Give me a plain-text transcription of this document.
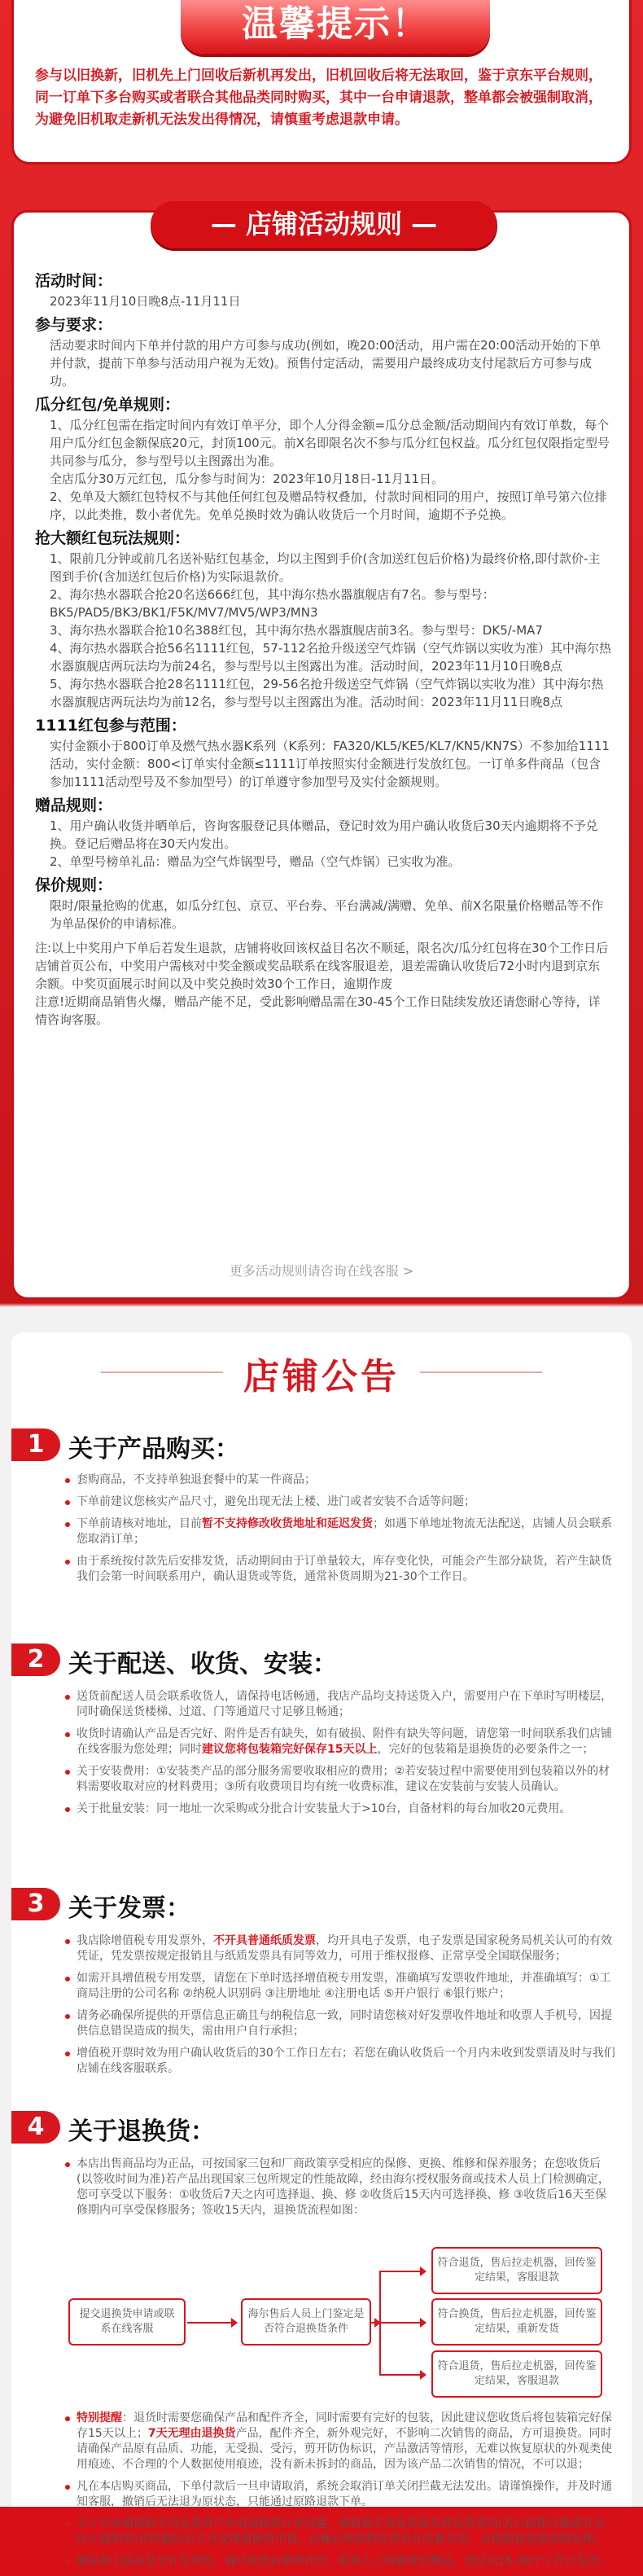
温馨提示！
参与以旧换新，旧机先上门回收后新机再发出，旧机回收后将无法取回，鉴于京东平台规则，同一订单下多台购买或者联合其他品类同时购买，其中一台申请退款，整单都会被强制取消，为避免旧机取走新机无法发出得情况，请慎重考虑退款申请。
— 店铺活动规则 —
活动时间：

2023年11月10日晚8点-11月11日

参与要求：

活动要求时间内下单并付款的用户方可参与成功(例如，晚20:00活动，用户需在20:00活动开始的下单并付款，提前下单参与活动用户视为无效)。预售付定活动，需要用户最终成功支付尾款后方可参与成功。

瓜分红包/免单规则：

1、瓜分红包需在指定时间内有效订单平分，即个人分得金额=瓜分总金额/活动期间内有效订单数，每个用户瓜分红包金额保底20元，封顶100元。前X名即限名次不参与瓜分红包权益。瓜分红包仅限指定型号共同参与瓜分，参与型号以主图露出为准。

全店瓜分30万元红包，瓜分参与时间为：2023年10月18日-11月11日。

2、免单及大额红包特权不与其他任何红包及赠品特权叠加，付款时间相同的用户，按照订单号第六位排序，以此类推，数小者优先。免单兑换时效为确认收货后一个月时间，逾期不予兑换。

抢大额红包玩法规则：

1、限前几分钟或前几名送补贴红包基金，均以主图到手价(含加送红包后价格)为最终价格,即付款价-主图到手价(含加送红包后价格)为实际退款价。

2、海尔热水器联合抢20名送666红包，其中海尔热水器旗舰店有7名。参与型号：BK5/PAD5/BK3/BK1/F5K/MV7/MV5/WP3/MN3

3、海尔热水器联合抢10名388红包，其中海尔热水器旗舰店前3名。参与型号：DK5/-MA7

4、海尔热水器联合抢56名1111红包，57-112名抢升级送空气炸锅（空气炸锅以实收为准）其中海尔热水器旗舰店两玩法均为前24名，参与型号以主图露出为准。活动时间，2023年11月10日晚8点

5、海尔热水器联合抢28名1111红包，29-56名抢升级送空气炸锅（空气炸锅以实收为准）其中海尔热水器旗舰店两玩法均为前12名，参与型号以主图露出为准。活动时间：2023年11月11日晚8点

1111红包参与范围：

实付金额小于800订单及燃气热水器K系列（K系列：FA320/KL5/KE5/KL7/KN5/KN7S）不参加给1111活动，实付金额：800<订单实付金额≤1111订单按照实付金额进行发放红包。一订单多件商品（包含参加1111活动型号及不参加型号）的订单遵守参加型号及实付金额规则。

赠品规则：

1、用户确认收货并晒单后，咨询客服登记具体赠品，登记时效为用户确认收货后30天内逾期将不予兑换。登记后赠品将在30天内发出。

2、单型号榜单礼品：赠品为空气炸锅型号，赠品（空气炸锅）已实收为准。

保价规则：

限时/限量抢购的优惠，如瓜分红包、京豆、平台券、平台满减/满赠、免单、前X名限量价格赠品等不作为单品保价的申请标准。

注:以上中奖用户下单后若发生退款，店铺将收回该权益目名次不顺延，限名次/瓜分红包将在30个工作日后店铺首页公布，中奖用户需核对中奖金额或奖品联系在线客服退差，退差需确认收货后72小时内退到京东余额。中奖页面展示时间以及中奖兑换时效30个工作日，逾期作废

注意!近期商品销售火爆，赠品产能不足，受此影响赠品需在30-45个工作日陆续发放还请您耐心等待，详情咨询客服。

更多活动规则请咨询在线客服 >
店铺公告
1 关于产品购买：
套购商品，不支持单独退套餐中的某一件商品；
下单前建议您核实产品尺寸，避免出现无法上楼、进门或者安装不合适等问题；
下单前请核对地址，目前暂不支持修改收货地址和延迟发货；如遇下单地址物流无法配送，店铺人员会联系您取消订单；
由于系统按付款先后安排发货，活动期间由于订单量较大，库存变化快，可能会产生部分缺货，若产生缺货我们会第一时间联系用户，确认退货或等货，通常补货周期为21-30个工作日。
2 关于配送、收货、安装：
送货前配送人员会联系收货人，请保持电话畅通，我店产品均支持送货入户，需要用户在下单时写明楼层，同时确保送货楼梯、过道、门等通道尺寸足够且畅通；
收货时请确认产品是否完好、附件是否有缺失，如有破损、附件有缺失等问题，请您第一时间联系我们店铺在线客服为您处理；同时建议您将包装箱完好保存15天以上，完好的包装箱是退换货的必要条件之一；
关于安装费用：①安装类产品的部分服务需要收取相应的费用；②若安装过程中需要使用到包装箱以外的材料需要收取对应的材料费用；③所有收费项目均有统一收费标准，建议在安装前与安装人员确认。
关于批量安装：同一地址一次采购或分批合计安装量大于>10台，自备材料的每台加收20元费用。
3 关于发票：
我店除增值税专用发票外，不开具普通纸质发票，均开具电子发票，电子发票是国家税务局机关认可的有效凭证，凭发票按规定报销且与纸质发票具有同等效力，可用于维权报修、正常享受全国联保服务；
如需开具增值税专用发票，请您在下单时选择增值税专用发票，准确填写发票收件地址，并准确填写：①工商局注册的公司名称 ②纳税人识别码 ③注册地址 ④注册电话 ⑤开户银行 ⑥银行账户；
请务必确保所提供的开票信息正确且与纳税信息一致，同时请您核对好发票收件地址和收票人手机号，因提供信息错误造成的损失，需由用户自行承担；
增值税开票时效为用户确认收货后的30个工作日左右；若您在确认收货后一个月内未收到发票请及时与我们店铺在线客服联系。
4 关于退换货：
本店出售商品均为正品，可按国家三包和厂商政策享受相应的保修、更换、维修和保养服务；在您收货后(以签收时间为准)若产品出现国家三包所规定的性能故障，经由海尔授权服务商或技术人员上门检测确定，您可享受以下服务：①收货后7天之内可选择退、换、修 ②收货后15天内可选择换、修 ③收货后16天至保修期内可享受保修服务；签收15天内，退换货流程如图：
提交退换货申请或联系在线客服
海尔售后人员上门鉴定是否符合退换货条件
符合退货，售后拉走机器，回传鉴定结果，客服退款
符合换货，售后拉走机器，回传鉴定结果，重新发货
符合退货，售后拉走机器，回传鉴定结果，客服退款
特别提醒：退货时需要您确保产品和配件齐全，同时需要有完好的包装，因此建议您收货后将包装箱完好保存15天以上；7天无理由退换货产品，配件齐全，新外观完好，不影响二次销售的商品，方可退换货。同时请确保产品原有品质、功能，无受损、受污，剪开防伪标识，产品激活等情形，无难以恢复原状的外观类使用痕迹、不合理的个人数据使用痕迹，没有新未拆封的商品，因为该产品二次销售的情况，不可以退；
凡在本店购买商品，下单付款后一旦申请取消，系统会取消订单关闭拦截无法发出。请谨慎操作，并及时通知客服，撤销后无法退为原状态，只能通过原路退款下单。
关于开具增值税专用发票用户申请退换货订单问题，增值税专用发票需先将发票寄回(若已报账可能需开具红字通知单)并经确认后方可受理退换货申请，店铺后续收到发票后开具新发票，会根据该发票流程处理；
赠品和主商品是分开发货的，确认收货后晒单评价，联系人工客服登记赠品，登记后15-30个工作日发出。
